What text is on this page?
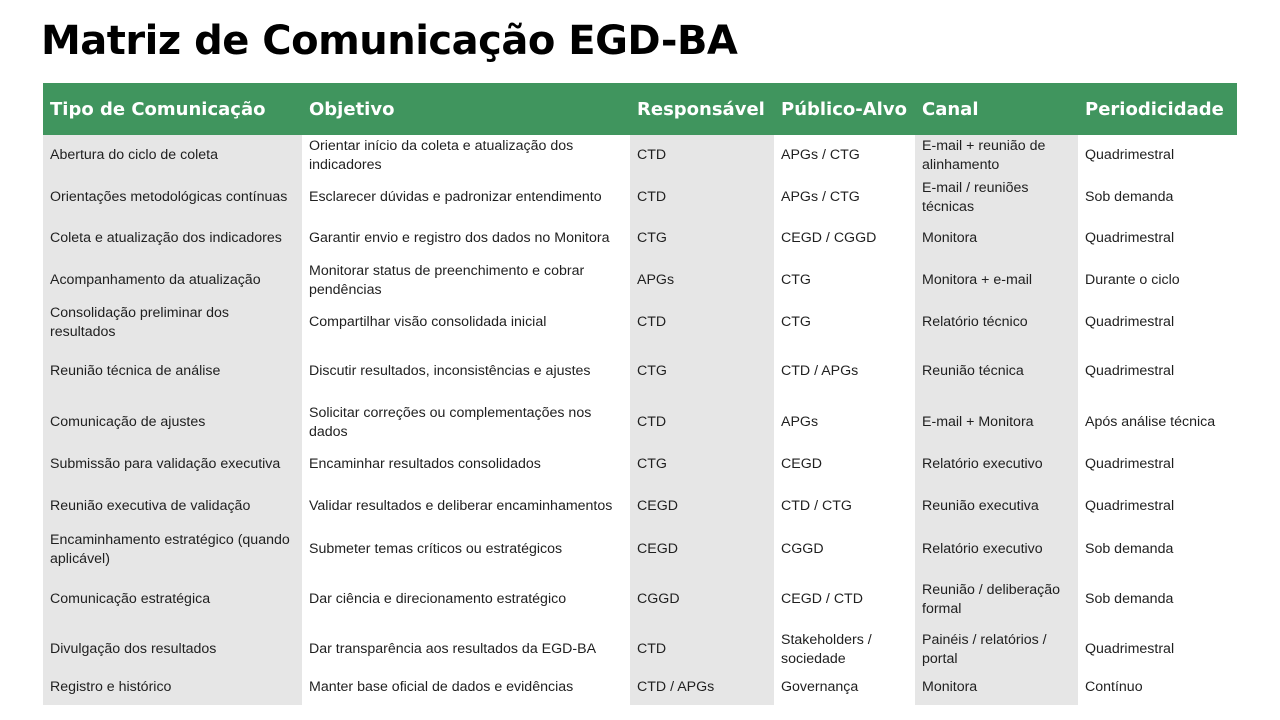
Matriz de Comunicação EGD-BA
Tipo de Comunicação	Objetivo	Responsável	Público-Alvo	Canal	Periodicidade
Abertura do ciclo de coleta	Orientar início da coleta e atualização dos indicadores	CTD	APGs / CTG	E-mail + reunião de alinhamento	Quadrimestral
Orientações metodológicas contínuas	Esclarecer dúvidas e padronizar entendimento	CTD	APGs / CTG	E-mail / reuniões técnicas	Sob demanda
Coleta e atualização dos indicadores	Garantir envio e registro dos dados no Monitora	CTG	CEGD / CGGD	Monitora	Quadrimestral
Acompanhamento da atualização	Monitorar status de preenchimento e cobrar pendências	APGs	CTG	Monitora + e-mail	Durante o ciclo
Consolidação preliminar dos resultados	Compartilhar visão consolidada inicial	CTD	CTG	Relatório técnico	Quadrimestral
Reunião técnica de análise	Discutir resultados, inconsistências e ajustes	CTG	CTD / APGs	Reunião técnica	Quadrimestral
Comunicação de ajustes	Solicitar correções ou complementações nos dados	CTD	APGs	E-mail + Monitora	Após análise técnica
Submissão para validação executiva	Encaminhar resultados consolidados	CTG	CEGD	Relatório executivo	Quadrimestral
Reunião executiva de validação	Validar resultados e deliberar encaminhamentos	CEGD	CTD / CTG	Reunião executiva	Quadrimestral
Encaminhamento estratégico (quando aplicável)	Submeter temas críticos ou estratégicos	CEGD	CGGD	Relatório executivo	Sob demanda
Comunicação estratégica	Dar ciência e direcionamento estratégico	CGGD	CEGD / CTD	Reunião / deliberação formal	Sob demanda
Divulgação dos resultados	Dar transparência aos resultados da EGD-BA	CTD	Stakeholders / sociedade	Painéis / relatórios / portal	Quadrimestral
Registro e histórico	Manter base oficial de dados e evidências	CTD / APGs	Governança	Monitora	Contínuo
